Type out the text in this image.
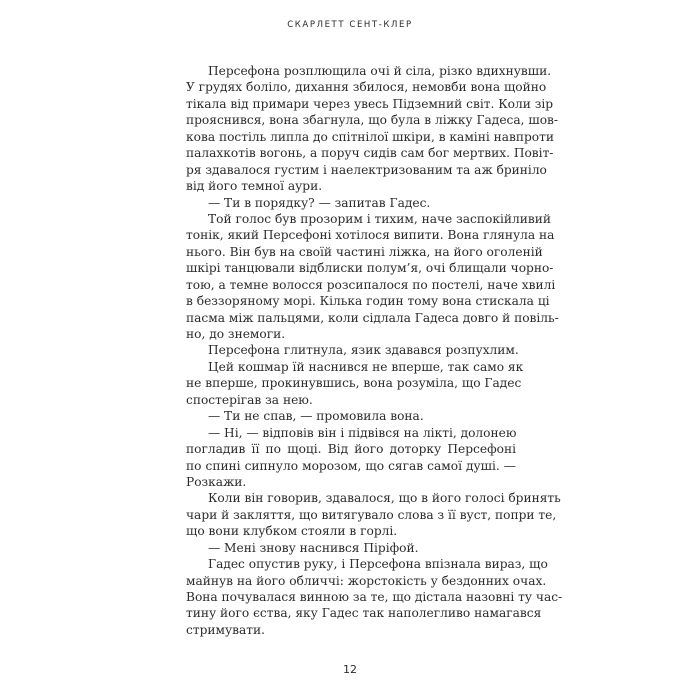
СКАРЛЕТТ СЕНТ-КЛЕР
Персефона розплющила очі й сіла, різко вдихнувши.
У грудях боліло, дихання збилося, немовби вона щойно
тікала від примари через увесь Підземний світ. Коли зір
прояснився, вона збагнула, що була в ліжку Гадеса, шов-
кова постіль липла до спітнілої шкіри, в каміні навпроти
палахкотів вогонь, а поруч сидів сам бог мертвих. Повіт-
ря здавалося густим і наелектризованим та аж бриніло
від його темної аури.
— Ти в порядку? — запитав Гадес.
Той голос був прозорим і тихим, наче заспокійливий
тонік, який Персефоні хотілося випити. Вона глянула на
нього. Він був на своїй частині ліжка, на його оголеній
шкірі танцювали відблиски полум’я, очі блищали чорно-
тою, а темне волосся розсипалося по постелі, наче хвилі
в беззоряному морі. Кілька годин тому вона стискала ці
пасма між пальцями, коли сідлала Гадеса довго й повіль-
но, до знемоги.
Персефона глитнула, язик здавався розпухлим.
Цей кошмар їй наснився не вперше, так само як
не вперше, прокинувшись, вона розуміла, що Гадес
спостерігав за нею.
— Ти не спав, — промовила вона.
— Ні, — відповів він і підвівся на лікті, долонею
погладив її по щоці. Від його доторку Персефоні
по спині сипнуло морозом, що сягав самої душі. —
Розкажи.
Коли він говорив, здавалося, що в його голосі бринять
чари й закляття, що витягувало слова з її вуст, попри те,
що вони клубком стояли в горлі.
— Мені знову наснився Піріфой.
Гадес опустив руку, і Персефона впізнала вираз, що
майнув на його обличчі: жорстокість у бездонних очах.
Вона почувалася винною за те, що дістала назовні ту час-
тину його єства, яку Гадес так наполегливо намагався
стримувати.
12
